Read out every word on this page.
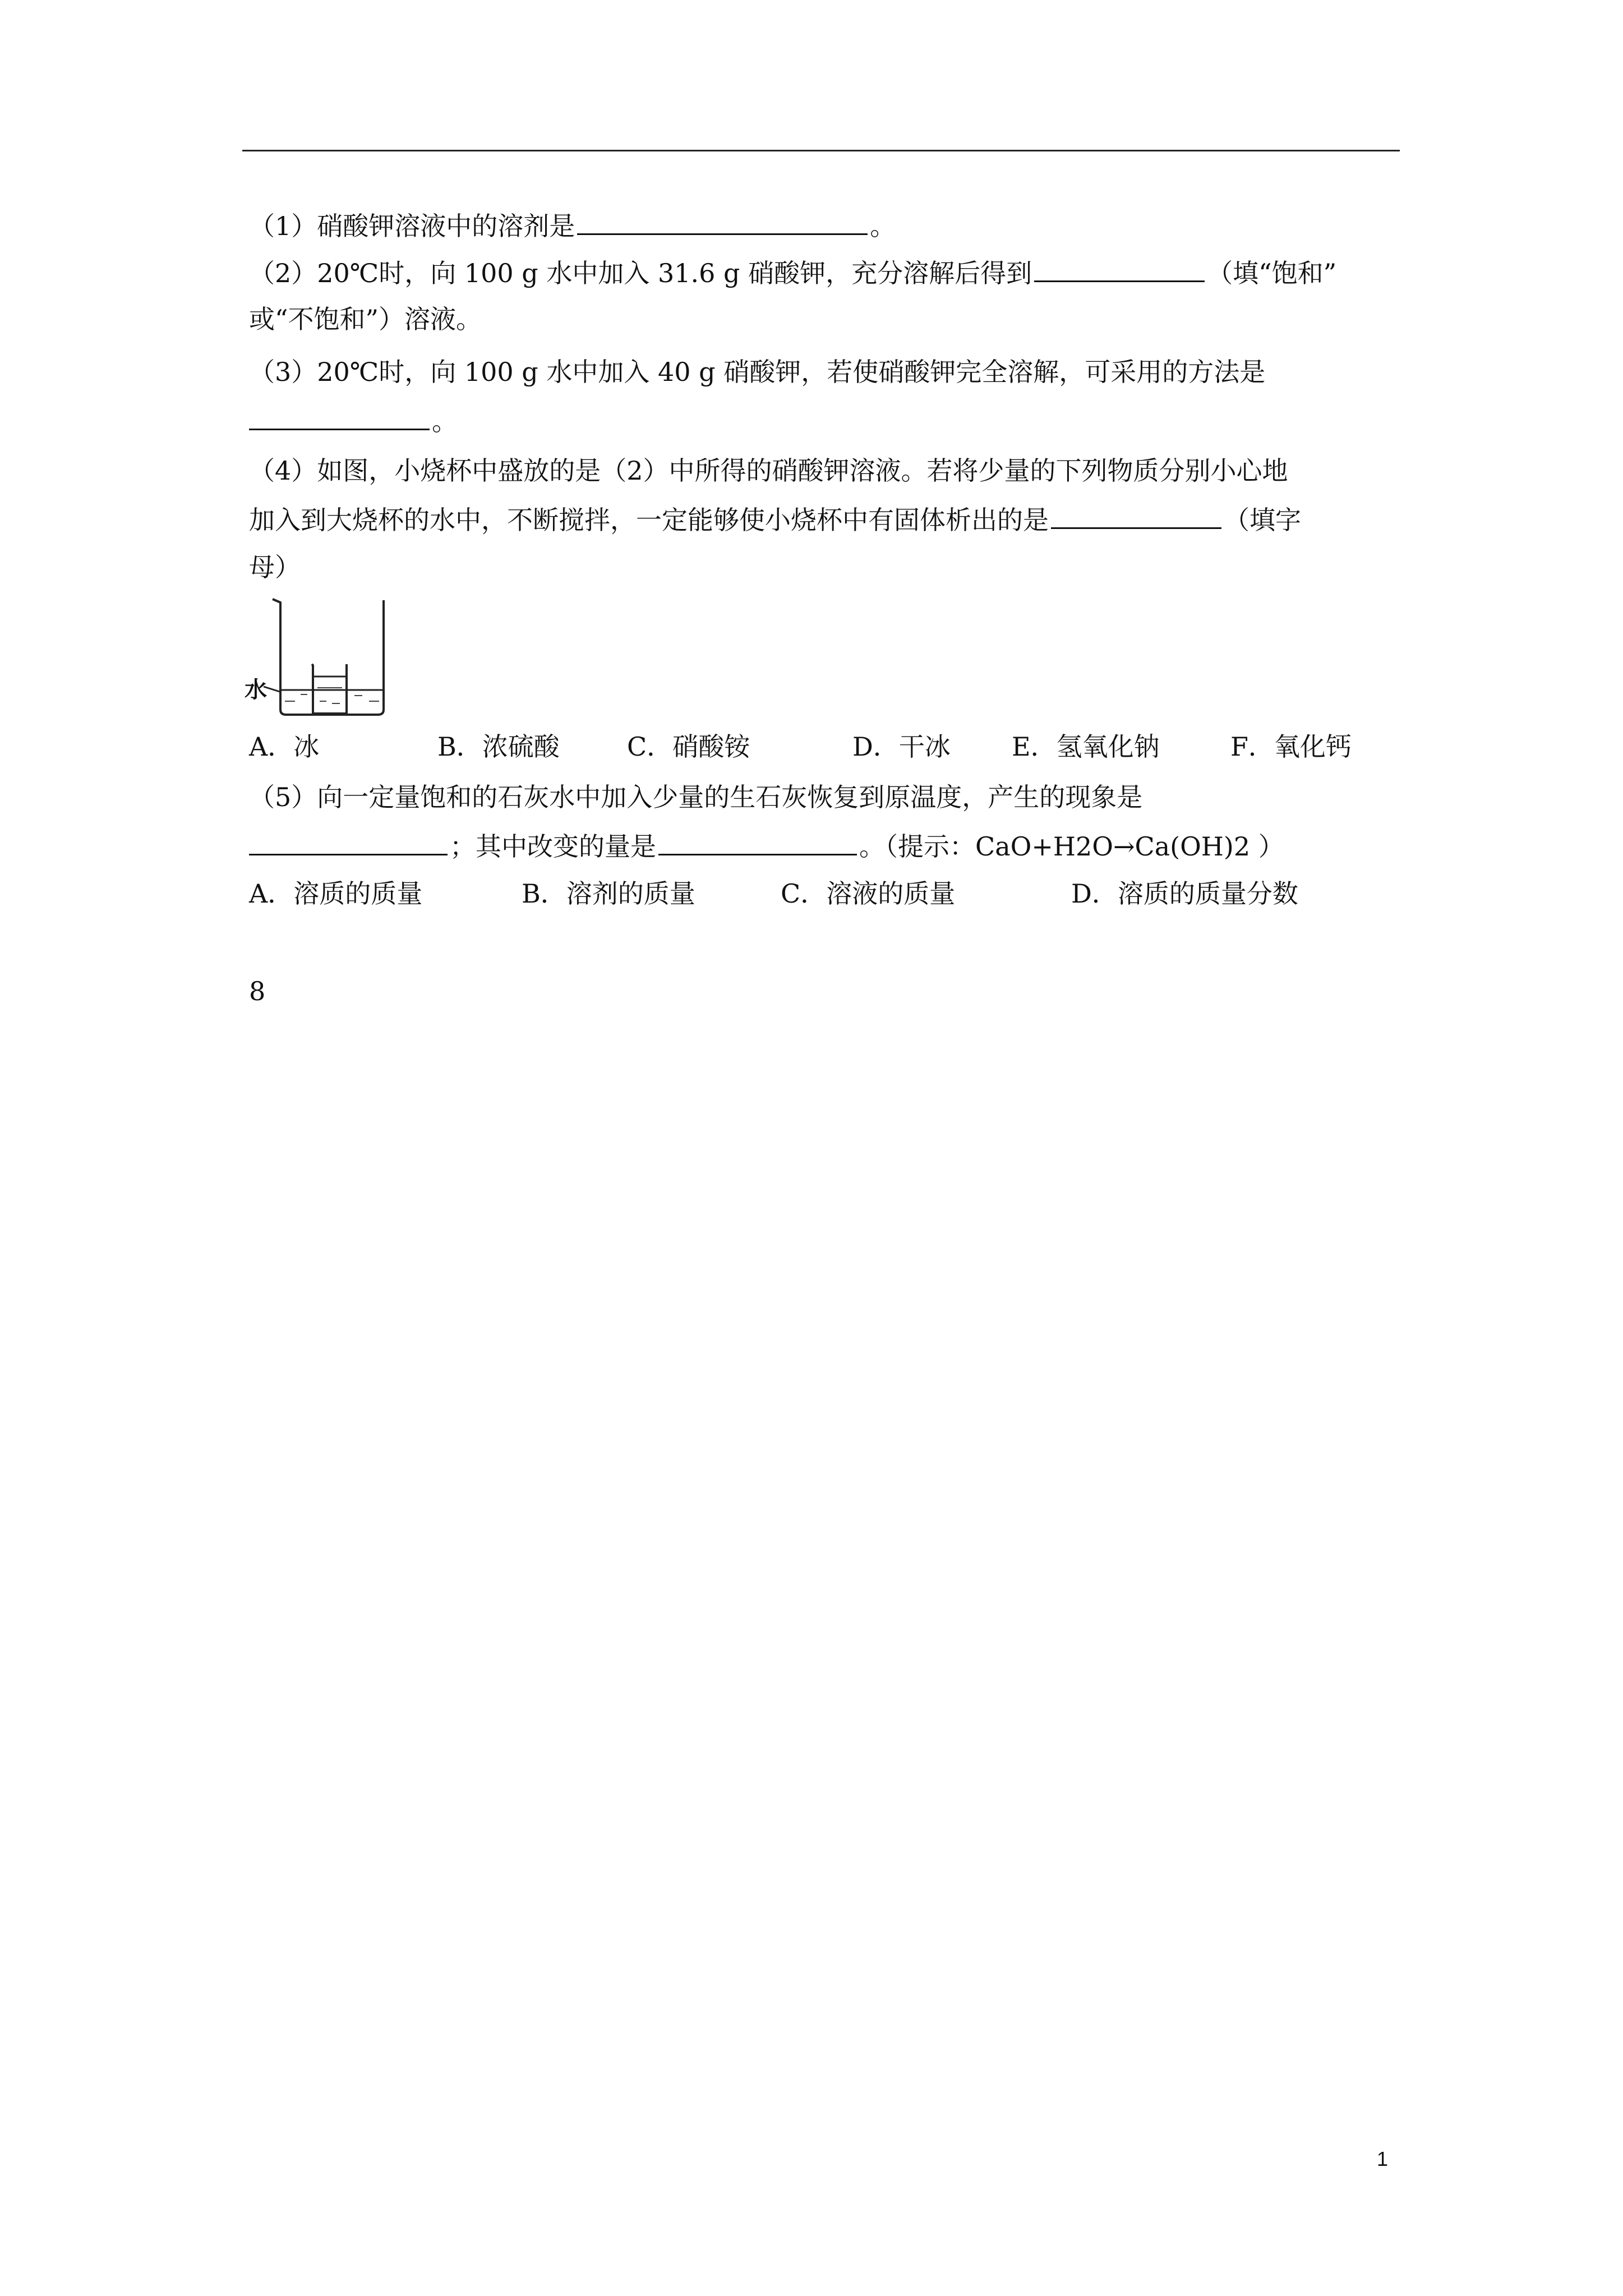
（1）硝酸钾溶液中的溶剂是	。
（2）20℃时，向 100 g 水中加入 31.6 g 硝酸钾，充分溶解后得到	（填“饱和”
或“不饱和”）溶液。
（3）20℃时，向 100 g 水中加入 40 g 硝酸钾，若使硝酸钾完全溶解，可采用的方法是
。
（4）如图，小烧杯中盛放的是（2）中所得的硝酸钾溶液。若将少量的下列物质分别小心地
加入到大烧杯的水中，不断搅拌，一定能够使小烧杯中有固体析出的是	（填字
母）
水
A．冰	B．浓硫酸	C．硝酸铵	D．干冰 E．氢氧化钠	F．氧化钙
（5）向一定量饱和的石灰水中加入少量的生石灰恢复到原温度，产生的现象是
；其中改变的量是	。（提示：CaO+H2O→Ca(OH)2 ）
A．溶质的质量	B．溶剂的质量	C．溶液的质量	D．溶质的质量分数
8
1
